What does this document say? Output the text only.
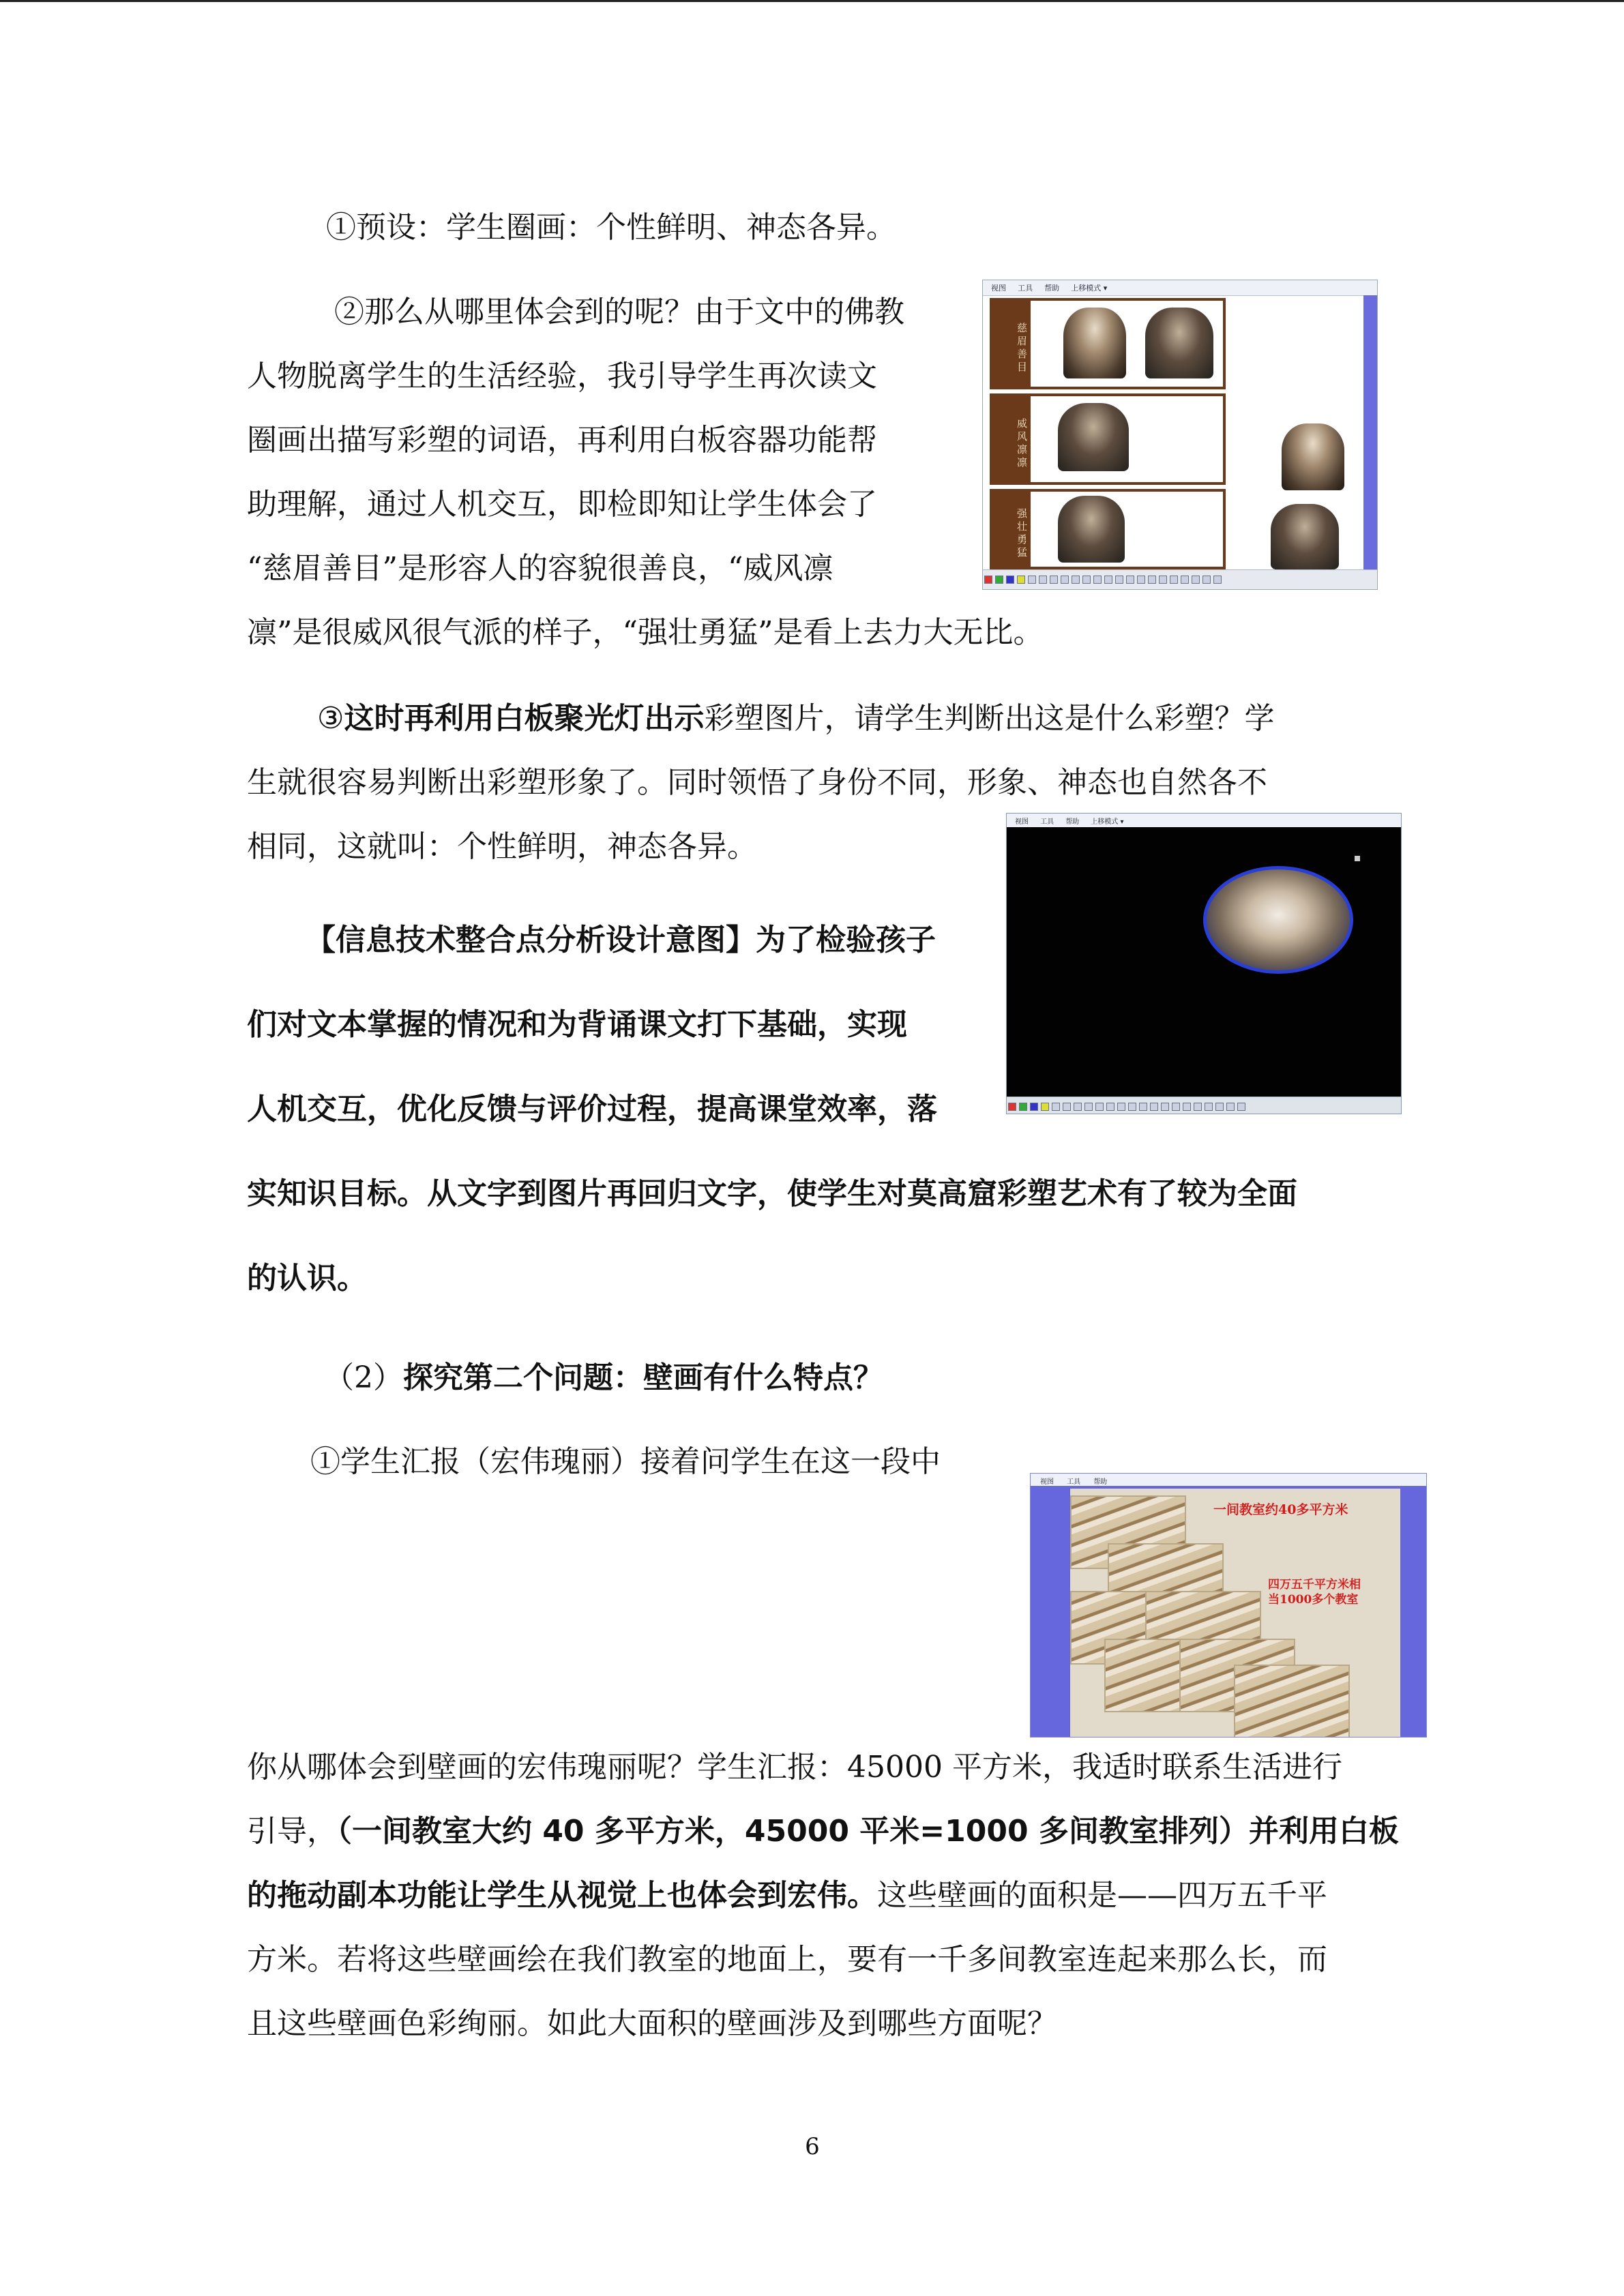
①预设：学生圈画：个性鲜明、神态各异。
②那么从哪里体会到的呢？由于文中的佛教
人物脱离学生的生活经验，我引导学生再次读文
圈画出描写彩塑的词语，再利用白板容器功能帮
助理解，通过人机交互，即检即知让学生体会了
“慈眉善目”是形容人的容貌很善良，“威风凛
凛”是很威风很气派的样子，“强壮勇猛”是看上去力大无比。
③这时再利用白板聚光灯出示彩塑图片，请学生判断出这是什么彩塑？学
生就很容易判断出彩塑形象了。同时领悟了身份不同，形象、神态也自然各不
相同，这就叫：个性鲜明，神态各异。
【信息技术整合点分析设计意图】为了检验孩子
们对文本掌握的情况和为背诵课文打下基础，实现
人机交互，优化反馈与评价过程，提高课堂效率，落
实知识目标。从文字到图片再回归文字，使学生对莫高窟彩塑艺术有了较为全面
的认识。
（2）探究第二个问题：壁画有什么特点？
①学生汇报（宏伟瑰丽）接着问学生在这一段中
你从哪体会到壁画的宏伟瑰丽呢？学生汇报：45000 平方米，我适时联系生活进行
引导，（一间教室大约 40 多平方米，45000 平米=1000 多间教室排列）并利用白板
的拖动副本功能让学生从视觉上也体会到宏伟。这些壁画的面积是——四万五千平
方米。若将这些壁画绘在我们教室的地面上，要有一千多间教室连起来那么长，而
且这些壁画色彩绚丽。如此大面积的壁画涉及到哪些方面呢？
视图 工具 帮助 上移模式 ▾
慈眉善目
威风凛凛
强壮勇猛
视图 工具 帮助 上移模式 ▾
视图 工具 帮助
一间教室约40多平方米
四万五千平方米相
当1000多个教室
6
